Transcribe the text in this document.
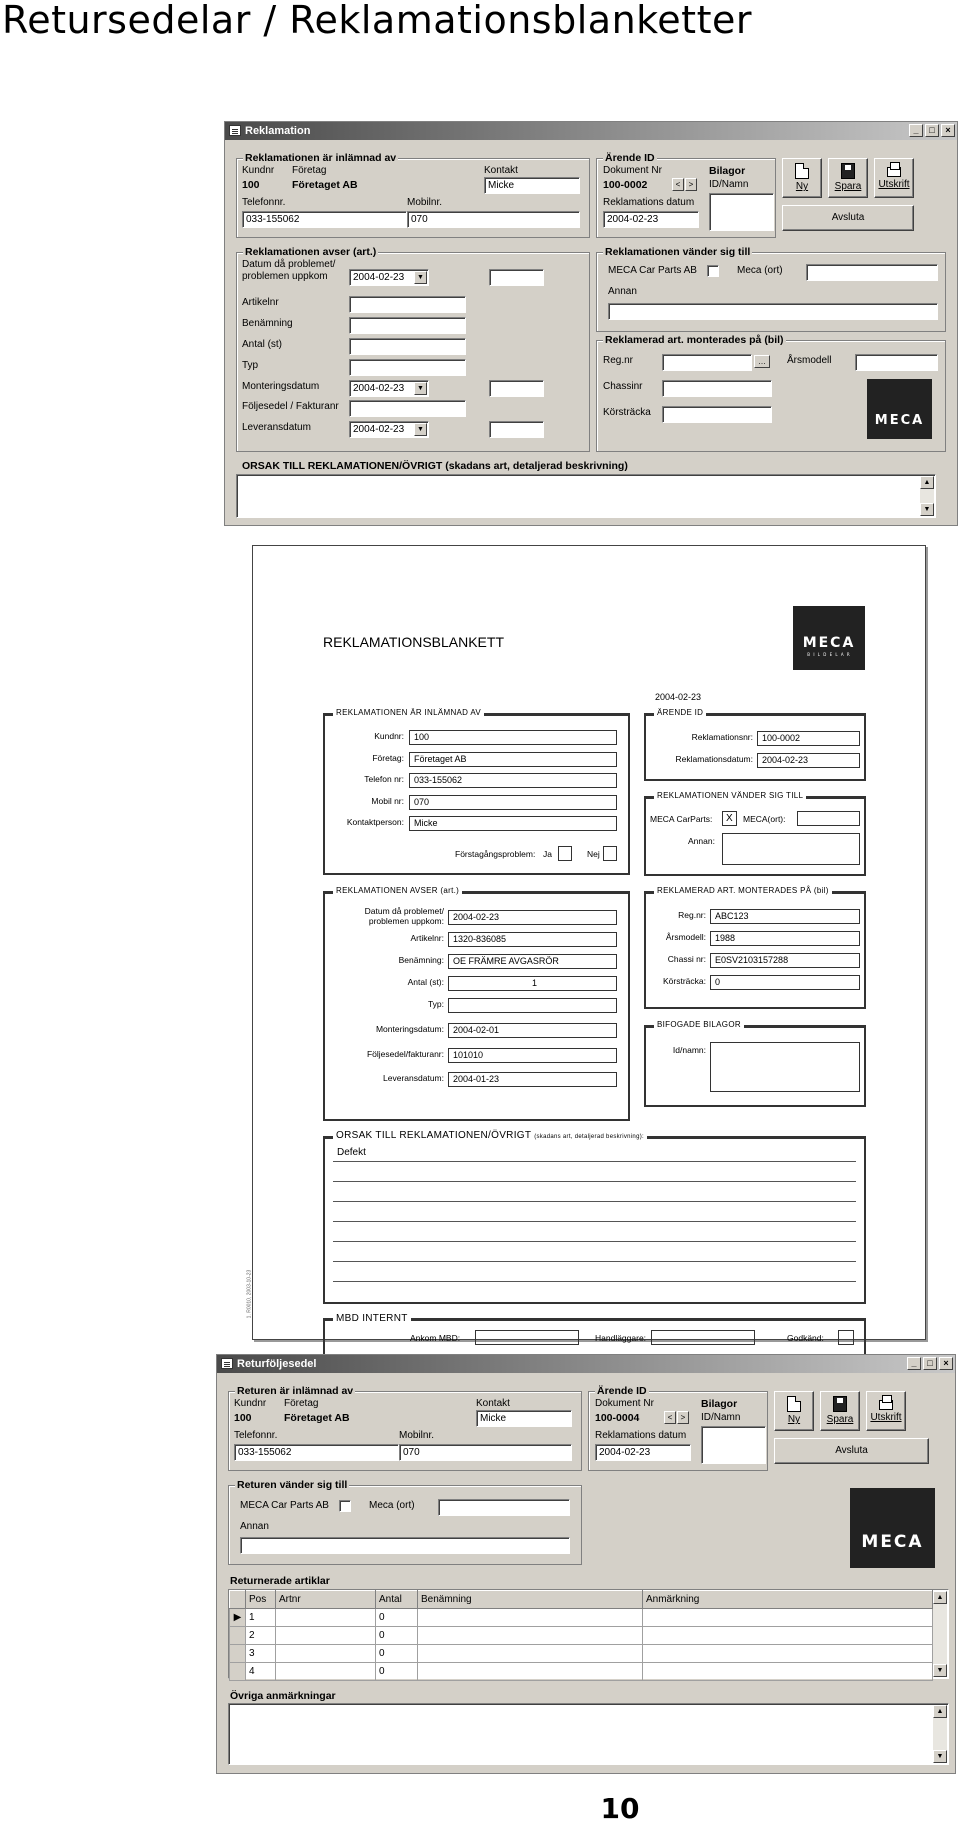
Retursedelar / Reklamationsblanketter
Reklamation	_	□	×
Reklamationen är inlämnad av
Kundnr Företag	Kontakt
100	Företaget AB	Micke
Telefonnr.	Mobilnr.
033-155062	070
Ärende ID
Dokument Nr
100-0002	<	>
Bilagor
ID/Namn
Reklamations datum
2004-02-23
Ny	Spara	Utskrift
Avsluta
Reklamationen avser (art.)
Datum då problemet/ problemen uppkom	2004-02-23	▼
Artikelnr
Benämning
Antal (st)
Typ
Monteringsdatum	2004-02-23	▼
Följesedel / Fakturanr
Leveransdatum	2004-02-23	▼
Reklamationen vänder sig till
MECA Car Parts AB	Meca (ort)
Annan
Reklamerad art. monterades på (bil)
Reg.nr	…	Årsmodell
Chassinr
Körsträcka
MECA
ORSAK TILL REKLAMATIONEN/ÖVRIGT (skadans art, detaljerad beskrivning)
▲
▼
REKLAMATIONSBLANKETT	MECA
B I L D E L A R
2004-02-23
REKLAMATIONEN ÄR INLÄMNAD AV
Kundnr:	100
Företag:	Företaget AB
Telefon nr:	033-155062
Mobil nr:	070
Kontaktperson:	Micke
Förstagångsproblem: Ja	Nej
ÄRENDE ID
Reklamationsnr:	100-0002
Reklamationsdatum:	2004-02-23
REKLAMATIONEN VÄNDER SIG TILL
MECA CarParts:	X	MECA(ort):
Annan:
REKLAMATIONEN AVSER (art.)
Datum då problemet/ problemen uppkom:	2004-02-23
Artikelnr:	1320-836085
Benämning:	OE FRÄMRE AVGASRÖR
Antal (st):	1
Typ:
Monteringsdatum:	2004-02-01
Följesedel/fakturanr:	101010
Leveransdatum:	2004-01-23
REKLAMERAD ART. MONTERADES PÅ (bil)
Reg.nr:	ABC123
Årsmodell:	1988
Chassi nr:	E0SV2103157288
Körsträcka:	0
BIFOGADE BILAGOR
Id/namn:
ORSAK TILL REKLAMATIONEN/ÖVRIGT (skadans art, detaljerad beskrivning):
Defekt
MBD INTERNT
Ankom MBD:	Handläggare:	Godkänd:
1. R0010, 2003-10-23
Returföljesedel	_	□	×
Returen är inlämnad av
Kundnr Företag	Kontakt
100	Företaget AB	Micke
Telefonnr.	Mobilnr.
033-155062	070
Ärende ID
Dokument Nr
100-0004	<	>
Bilagor
ID/Namn
Reklamations datum
2004-02-23
Ny	Spara	Utskrift
Avsluta
Returen vänder sig till
MECA Car Parts AB	Meca (ort)
Annan
MECA
Returnerade artiklar
	Pos	Artnr	Antal	Benämning	Anmärkning
▶	1		0		
	2		0		
	3		0		
	4		0		
▲
▼
Övriga anmärkningar
▲
▼
10
